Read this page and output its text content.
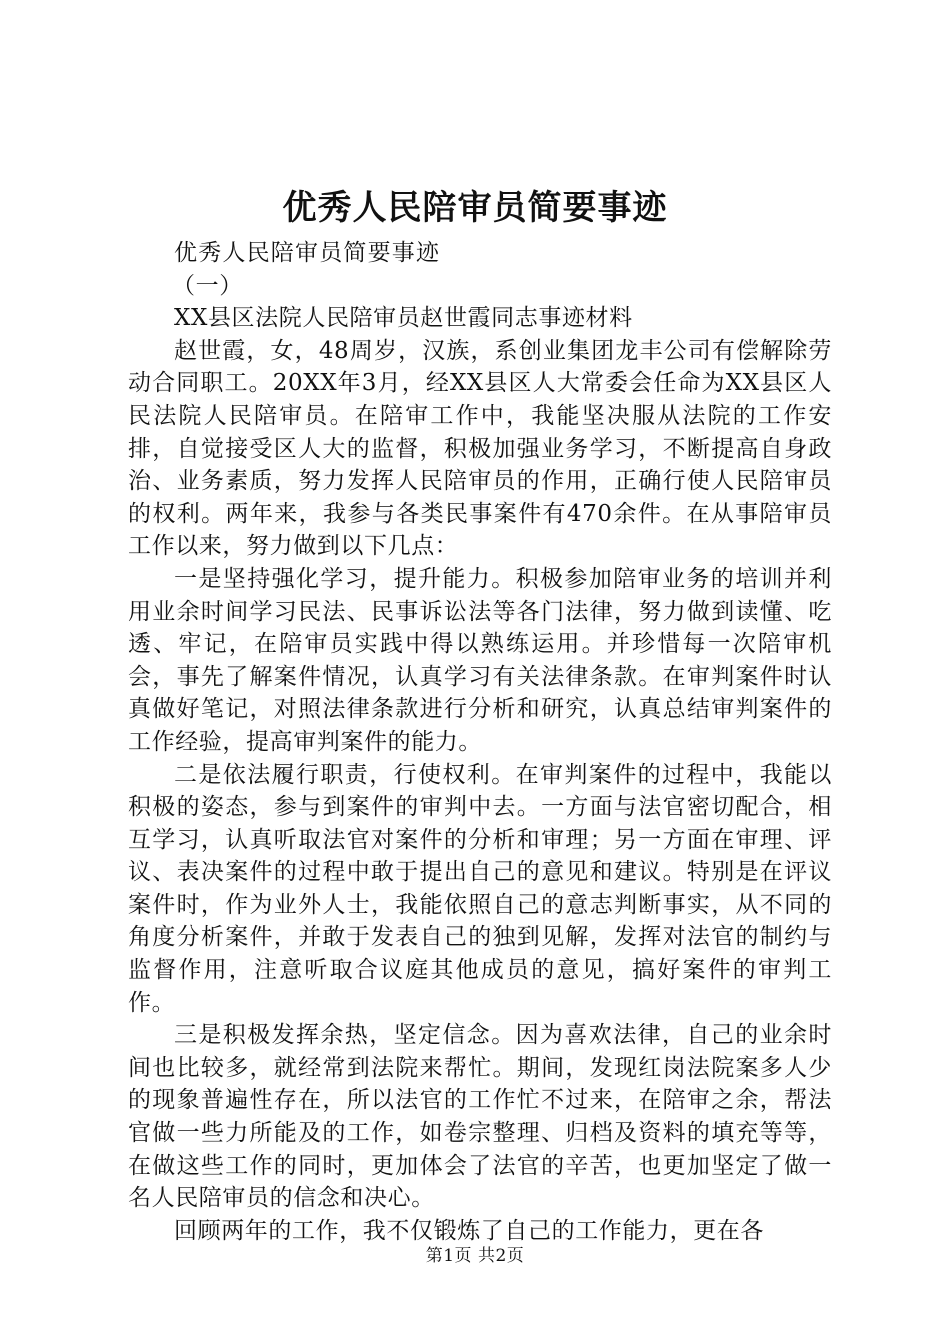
优秀人民陪审员简要事迹

优秀人民陪审员简要事迹

（一）

XX县区法院人民陪审员赵世霞同志事迹材料

赵世霞，女，48周岁，汉族，系创业集团龙丰公司有偿解除劳动合同职工。20XX年3月，经XX县区人大常委会任命为XX县区人民法院人民陪审员。在陪审工作中，我能坚决服从法院的工作安排，自觉接受区人大的监督，积极加强业务学习，不断提高自身政治、业务素质，努力发挥人民陪审员的作用，正确行使人民陪审员的权利。两年来，我参与各类民事案件有470余件。在从事陪审员工作以来，努力做到以下几点：

一是坚持强化学习，提升能力。积极参加陪审业务的培训并利用业余时间学习民法、民事诉讼法等各门法律，努力做到读懂、吃透、牢记，在陪审员实践中得以熟练运用。并珍惜每一次陪审机会，事先了解案件情况，认真学习有关法律条款。在审判案件时认真做好笔记，对照法律条款进行分析和研究，认真总结审判案件的工作经验，提高审判案件的能力。

二是依法履行职责，行使权利。在审判案件的过程中，我能以积极的姿态，参与到案件的审判中去。一方面与法官密切配合，相互学习，认真听取法官对案件的分析和审理；另一方面在审理、评议、表决案件的过程中敢于提出自己的意见和建议。特别是在评议案件时，作为业外人士，我能依照自己的意志判断事实，从不同的角度分析案件，并敢于发表自己的独到见解，发挥对法官的制约与监督作用，注意听取合议庭其他成员的意见，搞好案件的审判工作。

三是积极发挥余热，坚定信念。因为喜欢法律，自己的业余时间也比较多，就经常到法院来帮忙。期间，发现红岗法院案多人少的现象普遍性存在，所以法官的工作忙不过来，在陪审之余，帮法官做一些力所能及的工作，如卷宗整理、归档及资料的填充等等，在做这些工作的同时，更加体会了法官的辛苦，也更加坚定了做一名人民陪审员的信念和决心。

回顾两年的工作，我不仅锻炼了自己的工作能力，更在各

第1页 共2页
